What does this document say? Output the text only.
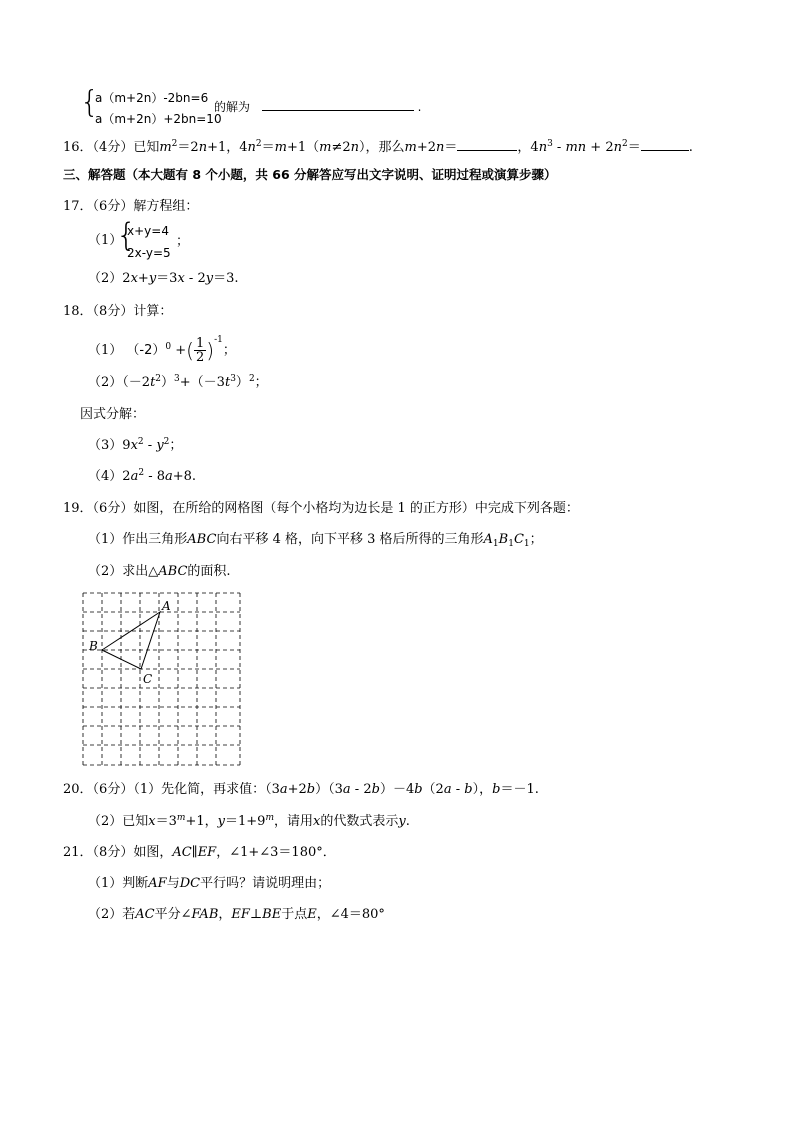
{
a（m+2n）-2bn=6
a（m+2n）+2bn=10
的解为	.
16．（4分）已知$m^2=2n+1$，$4n^2=m+1(m\ne 2n)$，那么m+2n＝	，$4n^3$ - mn + $2n^2=$	.
三、解答题（本大题有 8 个小题，共 66 分解答应写出文字说明、证明过程或演算步骤）
17．（6分）解方程组：
（1）
{
x+y=4
2x-y=5
；
（2）2x+y＝3x - 2y＝3.
18．（8分）计算：
（1） $(-2)^0$ +( $\frac{1}{2} )^{-1}$；
$(2)(-2t^2)^3+(-3t^3)^2$；
因式分解：
$(3)9x^2 - y^2$；
$(4)2a^2 - 8a+8$.
19．（6分）如图，在所给的网格图（每个小格均为边长是 1 的正方形）中完成下列各题：
（1）作出三角形ABC向右平移 4 格，向下平移 3 格后所得的三角形$A_1B_1C_1$；
（2）求出△ABC的面积.
A
B
C
20．（6分）（1）先化简，再求值：（3a+2b）（3a - 2b）－4b（2a - b），b＝－1.
（2）已知$x=3^m+1$，$y=1+9^m$，请用x的代数式表示y.
21．（8分）如图，AC∥EF，∠1+∠3＝180°．
（1）判断AF与DC平行吗？请说明理由；
（2）若AC平分∠FAB，EF⊥BE于点E，∠4＝80°
